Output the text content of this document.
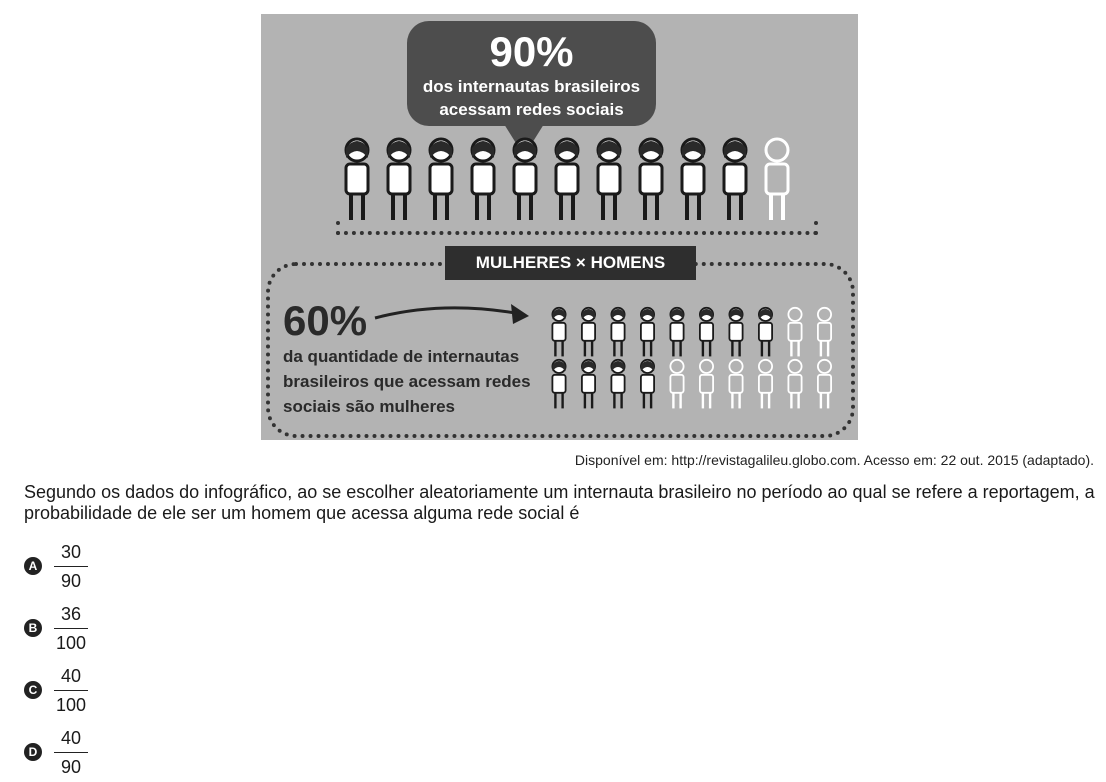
90%
dos internautas brasileiros
acessam redes sociais
MULHERES × HOMENS
60%
da quantidade de internautas brasileiros que acessam redes sociais são mulheres
Disponível em: http://revistagalileu.globo.com. Acesso em: 22 out. 2015 (adaptado).
Segundo os dados do infográfico, ao se escolher aleatoriamente um internauta brasileiro no período ao qual se refere a reportagem, a probabilidade de ele ser um homem que acessa alguma rede social é
A
30
90
B
36
100
C
40
100
D
40
90
